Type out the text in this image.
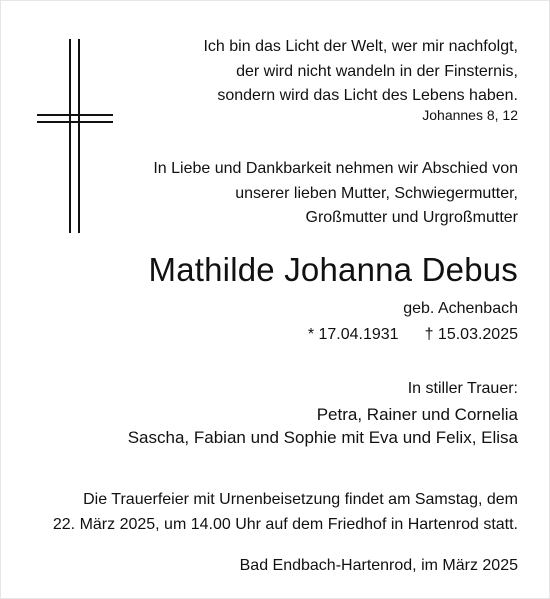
Ich bin das Licht der Welt, wer mir nachfolgt,
der wird nicht wandeln in der Finsternis,
sondern wird das Licht des Lebens haben.
Johannes 8, 12
In Liebe und Dankbarkeit nehmen wir Abschied von
unserer lieben Mutter, Schwiegermutter,
Großmutter und Urgroßmutter
Mathilde Johanna Debus
geb. Achenbach
* 17.04.1931 † 15.03.2025
In stiller Trauer:
Petra, Rainer und Cornelia
Sascha, Fabian und Sophie mit Eva und Felix, Elisa
Die Trauerfeier mit Urnenbeisetzung findet am Samstag, dem
22. März 2025, um 14.00 Uhr auf dem Friedhof in Hartenrod statt.
Bad Endbach-Hartenrod, im März 2025
